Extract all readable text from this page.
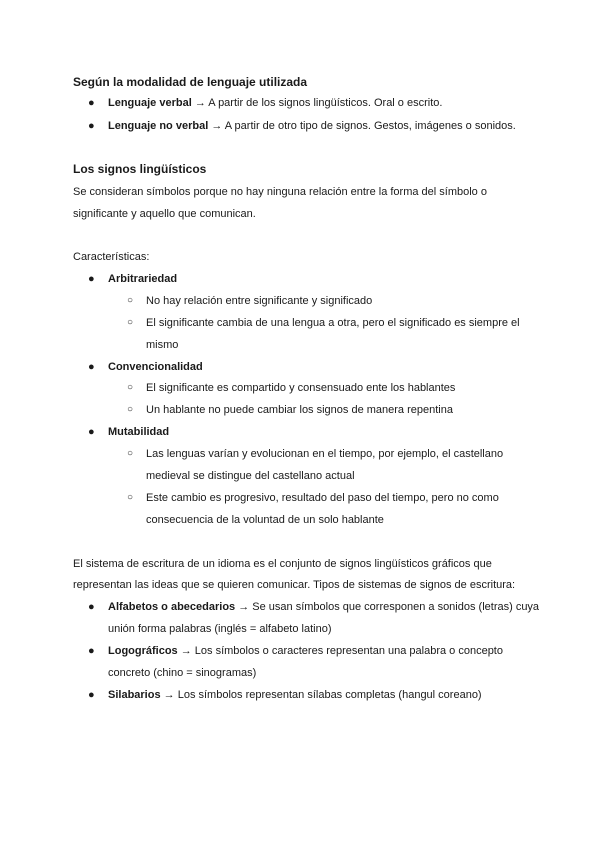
Según la modalidad de lenguaje utilizada
● Lenguaje verbal → A partir de los signos lingüísticos. Oral o escrito.
● Lenguaje no verbal → A partir de otro tipo de signos. Gestos, imágenes o sonidos.
Los signos lingüísticos
Se consideran símbolos porque no hay ninguna relación entre la forma del símbolo o
significante y aquello que comunican.
Características:
● Arbitrariedad
○ No hay relación entre significante y significado
○ El significante cambia de una lengua a otra, pero el significado es siempre el
mismo
● Convencionalidad
○ El significante es compartido y consensuado ente los hablantes
○ Un hablante no puede cambiar los signos de manera repentina
● Mutabilidad
○ Las lenguas varían y evolucionan en el tiempo, por ejemplo, el castellano
medieval se distingue del castellano actual
○ Este cambio es progresivo, resultado del paso del tiempo, pero no como
consecuencia de la voluntad de un solo hablante
El sistema de escritura de un idioma es el conjunto de signos lingüísticos gráficos que
representan las ideas que se quieren comunicar. Tipos de sistemas de signos de escritura:
● Alfabetos o abecedarios → Se usan símbolos que corresponen a sonidos (letras) cuya
unión forma palabras (inglés = alfabeto latino)
● Logográficos → Los símbolos o caracteres representan una palabra o concepto
concreto (chino = sinogramas)
● Silabarios → Los símbolos representan sílabas completas (hangul coreano)
